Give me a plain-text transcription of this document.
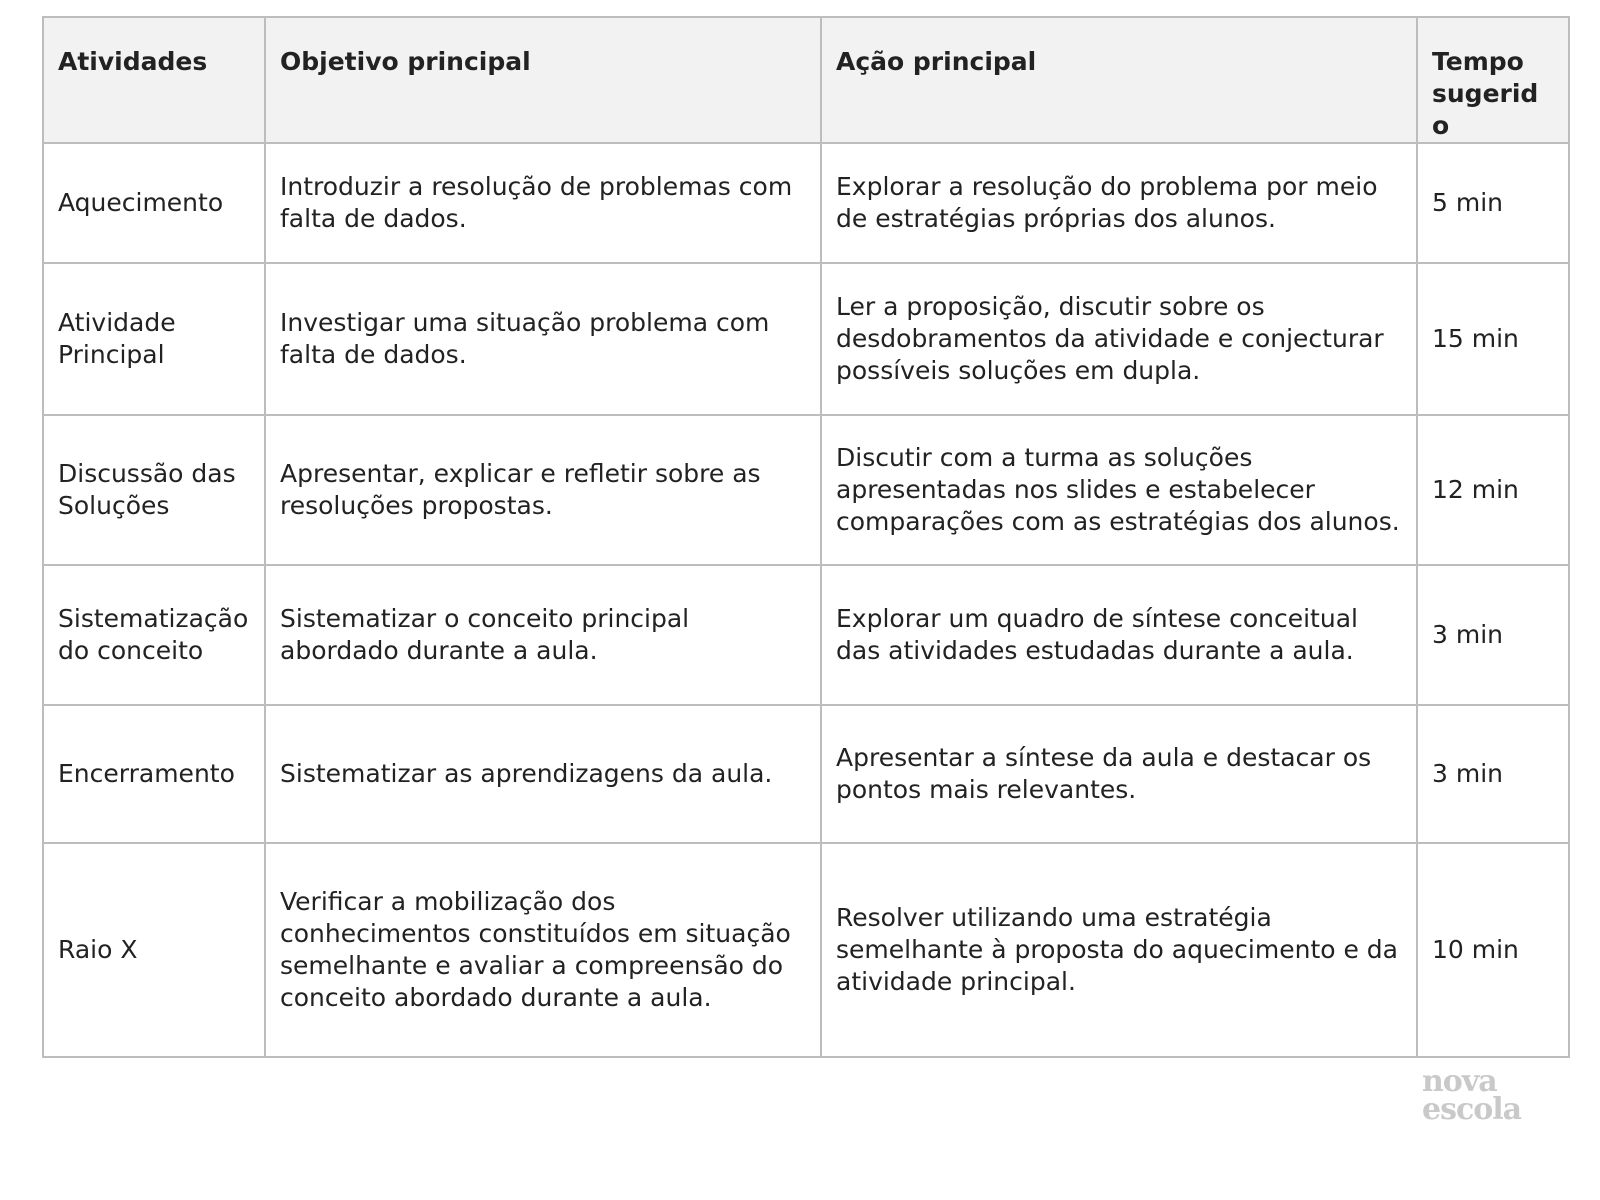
Atividades	Objetivo principal	Ação principal	Tempo sugerido
Aquecimento	Introduzir a resolução de problemas com falta de dados.	Explorar a resolução do problema por meio de estratégias próprias dos alunos.	5 min
Atividade Principal	Investigar uma situação problema com falta de dados.	Ler a proposição, discutir sobre os desdobramentos da atividade e conjecturar possíveis soluções em dupla.	15 min
Discussão das Soluções	Apresentar, explicar e refletir sobre as resoluções propostas.	Discutir com a turma as soluções apresentadas nos slides e estabelecer comparações com as estratégias dos alunos.	12 min
Sistematização do conceito	Sistematizar o conceito principal abordado durante a aula.	Explorar um quadro de síntese conceitual das atividades estudadas durante a aula.	3 min
Encerramento	Sistematizar as aprendizagens da aula.	Apresentar a síntese da aula e destacar os pontos mais relevantes.	3 min
Raio X	Verificar a mobilização dos conhecimentos constituídos em situação semelhante e avaliar a compreensão do conceito abordado durante a aula.	Resolver utilizando uma estratégia semelhante à proposta do aquecimento e da atividade principal.	10 min
nova
escola
